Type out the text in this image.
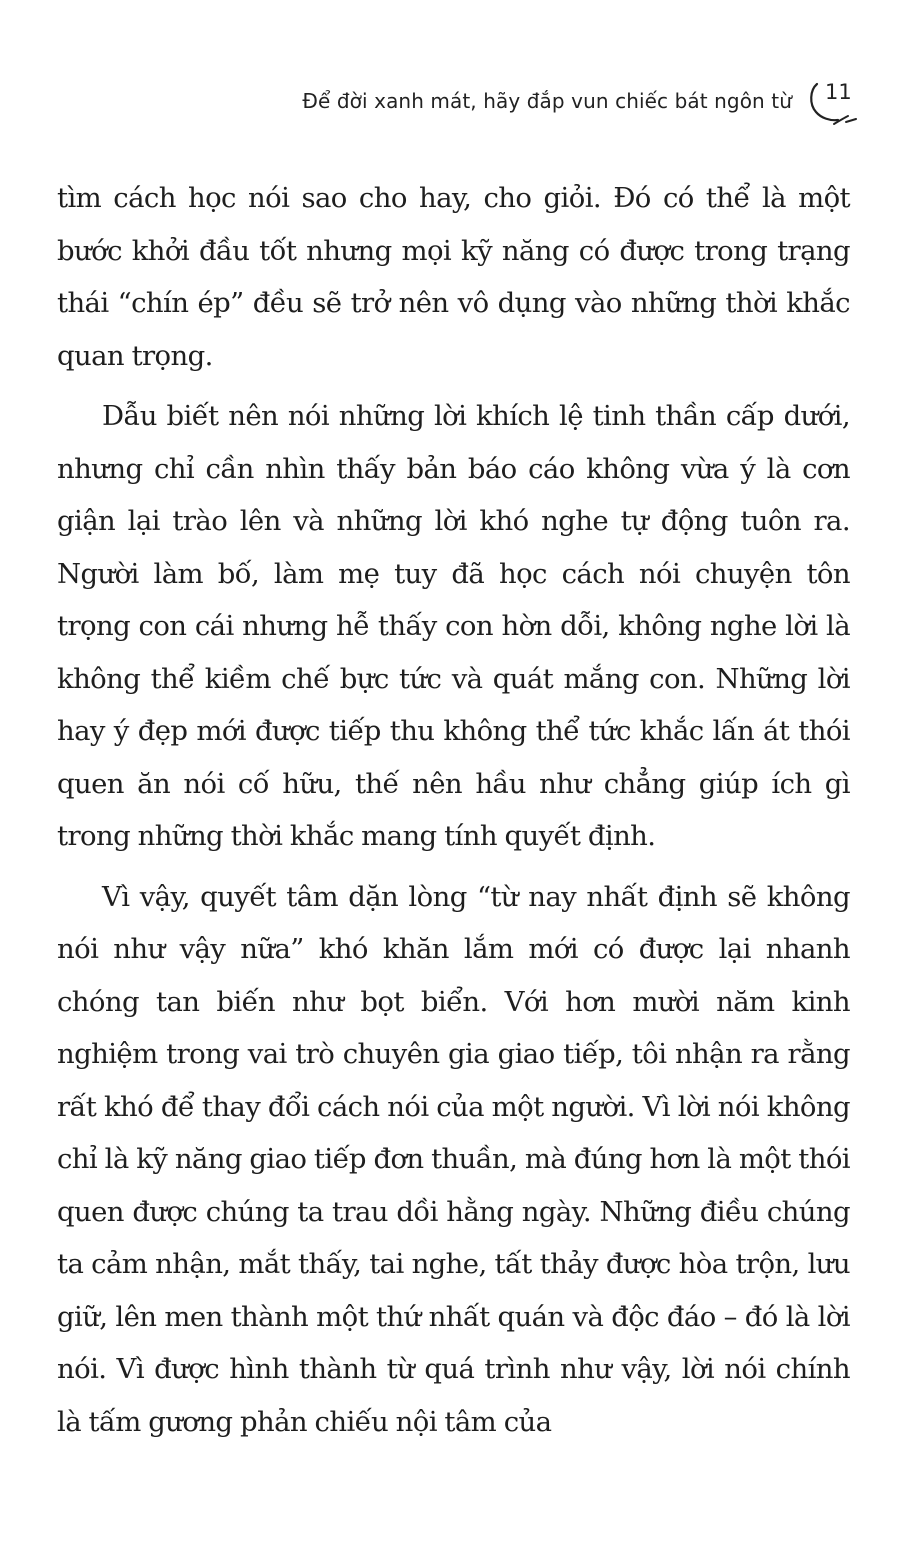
Để đời xanh mát, hãy đắp vun chiếc bát ngôn từ 11

tìm cách học nói sao cho hay, cho giỏi. Đó có thể là một bước khởi đầu tốt nhưng mọi kỹ năng có được trong trạng thái “chín ép” đều sẽ trở nên vô dụng vào những thời khắc quan trọng.

Dẫu biết nên nói những lời khích lệ tinh thần cấp dưới, nhưng chỉ cần nhìn thấy bản báo cáo không vừa ý là cơn giận lại trào lên và những lời khó nghe tự động tuôn ra. Người làm bố, làm mẹ tuy đã học cách nói chuyện tôn trọng con cái nhưng hễ thấy con hờn dỗi, không nghe lời là không thể kiềm chế bực tức và quát mắng con. Những lời hay ý đẹp mới được tiếp thu không thể tức khắc lấn át thói quen ăn nói cố hữu, thế nên hầu như chẳng giúp ích gì trong những thời khắc mang tính quyết định.

Vì vậy, quyết tâm dặn lòng “từ nay nhất định sẽ không nói như vậy nữa” khó khăn lắm mới có được lại nhanh chóng tan biến như bọt biển. Với hơn mười năm kinh nghiệm trong vai trò chuyên gia giao tiếp, tôi nhận ra rằng rất khó để thay đổi cách nói của một người. Vì lời nói không chỉ là kỹ năng giao tiếp đơn thuần, mà đúng hơn là một thói quen được chúng ta trau dồi hằng ngày. Những điều chúng ta cảm nhận, mắt thấy, tai nghe, tất thảy được hòa trộn, lưu giữ, lên men thành một thứ nhất quán và độc đáo – đó là lời nói. Vì được hình thành từ quá trình như vậy, lời nói chính là tấm gương phản chiếu nội tâm của
